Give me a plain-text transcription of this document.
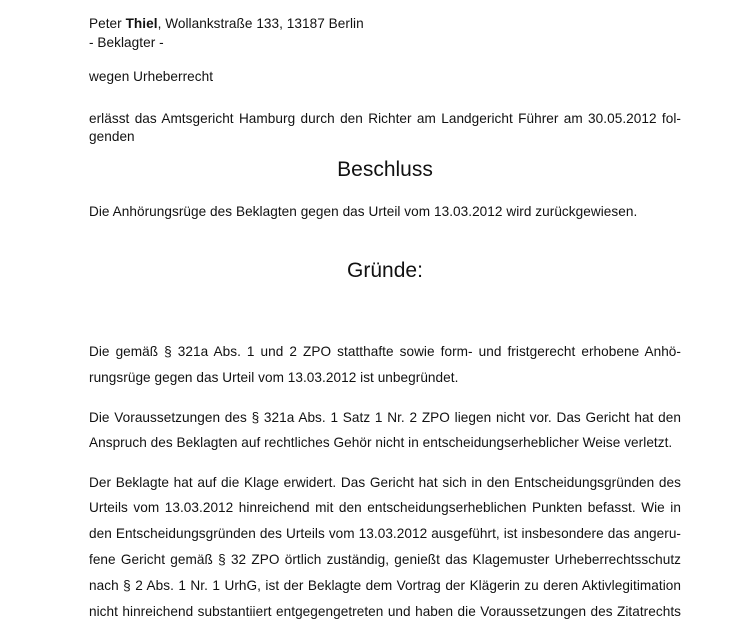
Peter Thiel, Wollankstraße 133, 13187 Berlin
- Beklagter -
wegen Urheberrecht
erlässt das Amtsgericht Hamburg durch den Richter am Landgericht Führer am 30.05.2012 fol-
genden
Beschluss
Die Anhörungsrüge des Beklagten gegen das Urteil vom 13.03.2012 wird zurückgewiesen.
Gründe:
Die gemäß § 321a Abs. 1 und 2 ZPO statthafte sowie form- und fristgerecht erhobene Anhö-
rungsrüge gegen das Urteil vom 13.03.2012 ist unbegründet.
Die Voraussetzungen des § 321a Abs. 1 Satz 1 Nr. 2 ZPO liegen nicht vor. Das Gericht hat den
Anspruch des Beklagten auf rechtliches Gehör nicht in entscheidungserheblicher Weise verletzt.
Der Beklagte hat auf die Klage erwidert. Das Gericht hat sich in den Entscheidungsgründen des
Urteils vom 13.03.2012 hinreichend mit den entscheidungserheblichen Punkten befasst. Wie in
den Entscheidungsgründen des Urteils vom 13.03.2012 ausgeführt, ist insbesondere das angeru-
fene Gericht gemäß § 32 ZPO örtlich zuständig, genießt das Klagemuster Urheberrechtsschutz
nach § 2 Abs. 1 Nr. 1 UrhG, ist der Beklagte dem Vortrag der Klägerin zu deren Aktivlegitimation
nicht hinreichend substantiiert entgegengetreten und haben die Voraussetzungen des Zitatrechts
